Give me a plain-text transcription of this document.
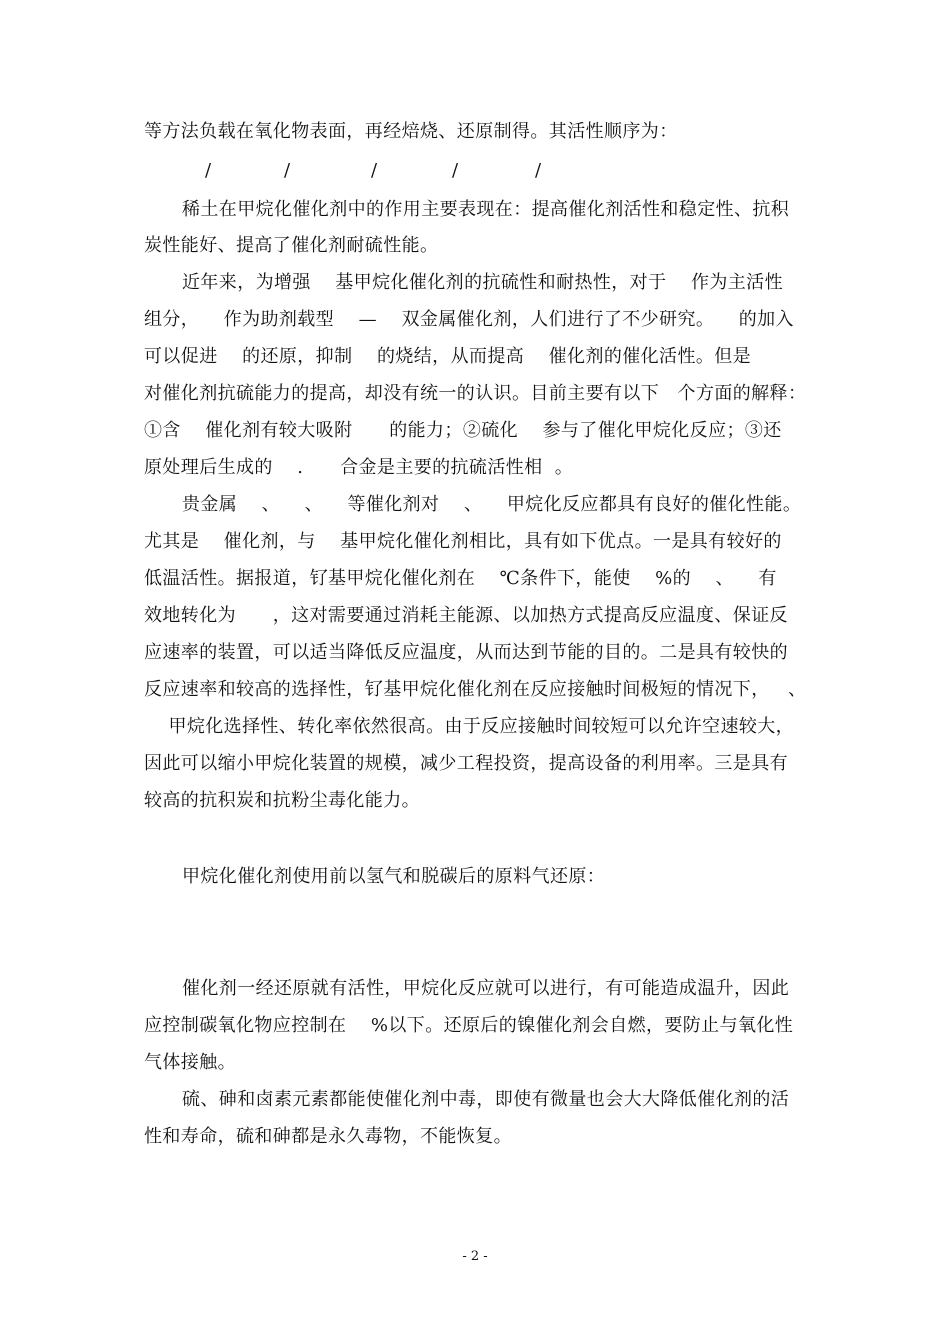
等方法负载在氧化物表面，再经焙烧、还原制得。其活性顺序为：
/	/	/	/	/
稀土在甲烷化催化剂中的作用主要表现在：提高催化剂活性和稳定性、抗积
炭性能好、提高了催化剂耐硫性能。
近年来，为增强    基甲烷化催化剂的抗硫性和耐热性，对于    作为主活性
组分，    作为助剂载型    —    双金属催化剂，人们进行了不少研究。    的加入
可以促进    的还原，抑制    的烧结，从而提高    催化剂的催化活性。但是
对催化剂抗硫能力的提高，却没有统一的认识。目前主要有以下   个方面的解释：
①含    催化剂有较大吸附      的能力；②硫化    参与了催化甲烷化反应；③还
原处理后生成的    .      合金是主要的抗硫活性相  。
贵金属    、    、    等催化剂对    、    甲烷化反应都具有良好的催化性能。
尤其是    催化剂，与    基甲烷化催化剂相比，具有如下优点。一是具有较好的
低温活性。据报道，钌基甲烷化催化剂在    ℃条件下，能使    %的    、    有
效地转化为      ，这对需要通过消耗主能源、以加热方式提高反应温度、保证反
应速率的装置，可以适当降低反应温度，从而达到节能的目的。二是具有较快的
反应速率和较高的选择性，钌基甲烷化催化剂在反应接触时间极短的情况下，   、
甲烷化选择性、转化率依然很高。由于反应接触时间较短可以允许空速较大，
因此可以缩小甲烷化装置的规模，减少工程投资，提高设备的利用率。三是具有
较高的抗积炭和抗粉尘毒化能力。
甲烷化催化剂使用前以氢气和脱碳后的原料气还原：
催化剂一经还原就有活性，甲烷化反应就可以进行，有可能造成温升，因此
应控制碳氧化物应控制在    %以下。还原后的镍催化剂会自燃，要防止与氧化性
气体接触。
硫、砷和卤素元素都能使催化剂中毒，即使有微量也会大大降低催化剂的活
性和寿命，硫和砷都是永久毒物，不能恢复。
- 2 -
